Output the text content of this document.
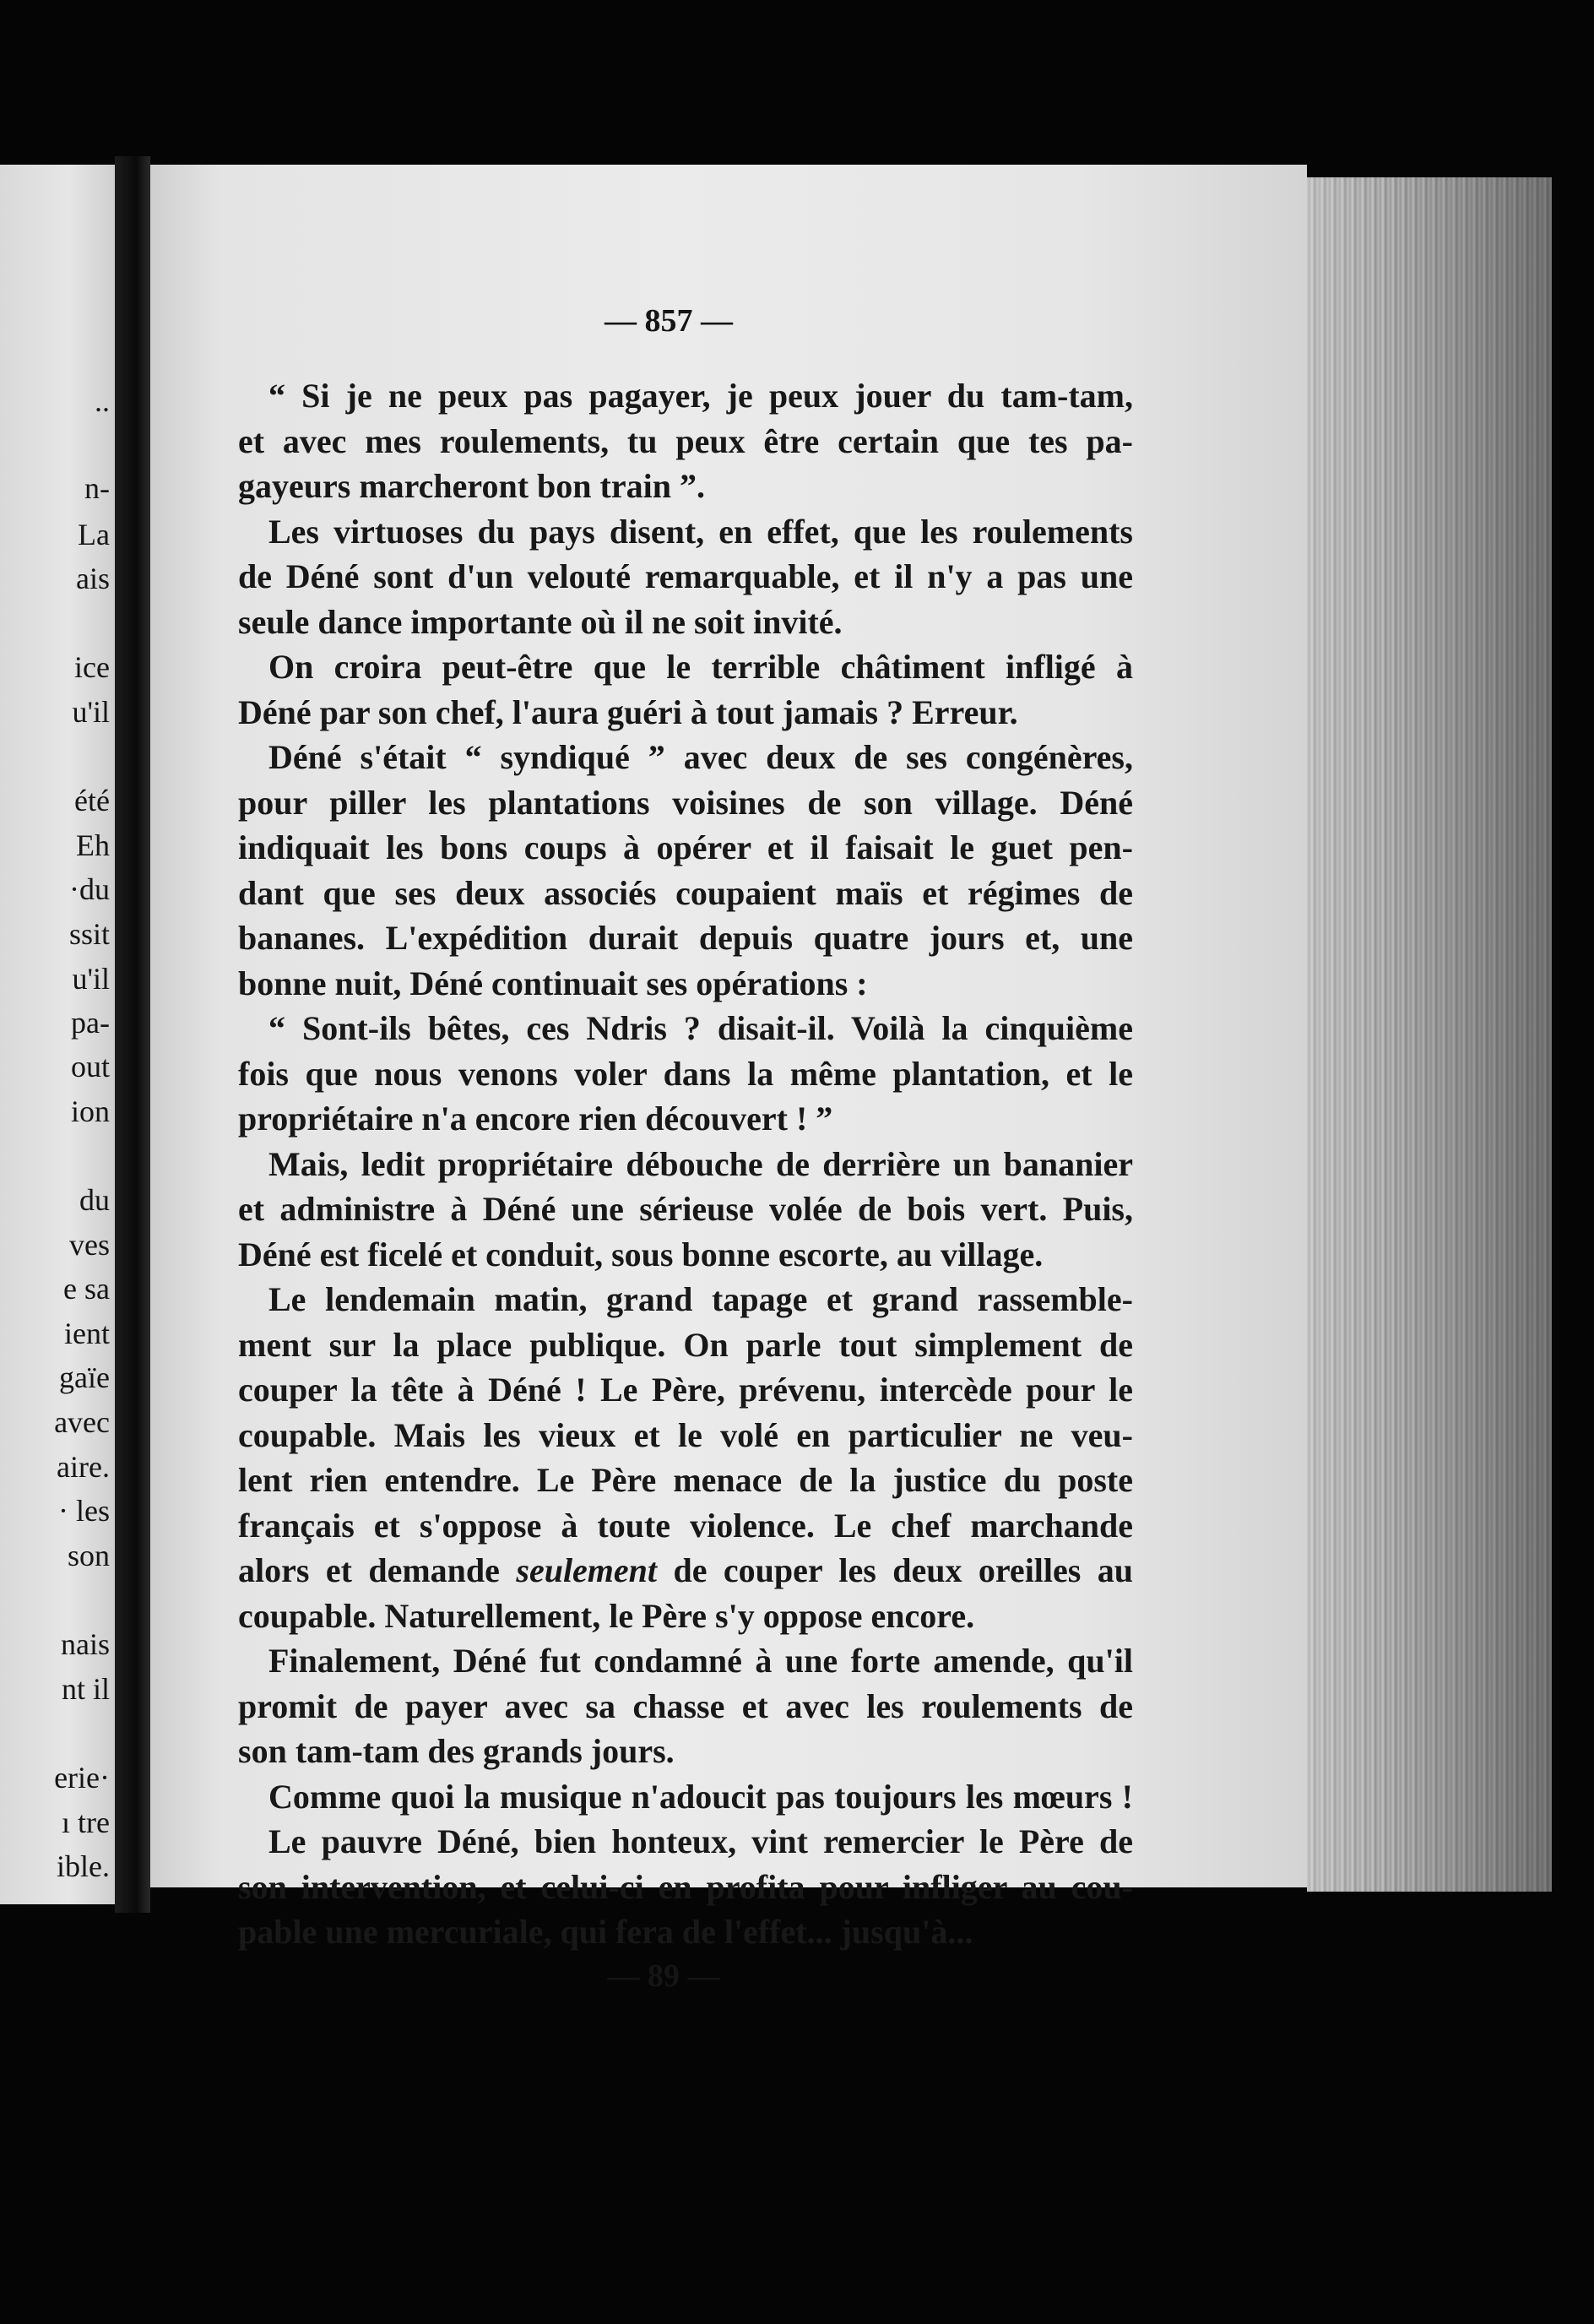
..
n-
La
ais
ice
u'il
été
Eh
·du
ssit
u'il
pa-
out
ion
du
ves
e sa
ient
gaïe
avec
aire.
· les
son
nais
nt il
erie·
ı tre
ible.
— 857 —
“ Si je ne peux pas pagayer, je peux jouer du tam-tam,
et avec mes roulements, tu peux être certain que tes pa-
gayeurs marcheront bon train ”.
Les virtuoses du pays disent, en effet, que les roulements
de Déné sont d'un velouté remarquable, et il n'y a pas une
seule dance importante où il ne soit invité.
On croira peut-être que le terrible châtiment infligé à
Déné par son chef, l'aura guéri à tout jamais ? Erreur.
Déné s'était “ syndiqué ” avec deux de ses congénères,
pour piller les plantations voisines de son village. Déné
indiquait les bons coups à opérer et il faisait le guet pen-
dant que ses deux associés coupaient maïs et régimes de
bananes. L'expédition durait depuis quatre jours et, une
bonne nuit, Déné continuait ses opérations :
“ Sont-ils bêtes, ces Ndris ? disait-il. Voilà la cinquième
fois que nous venons voler dans la même plantation, et le
propriétaire n'a encore rien découvert ! ”
Mais, ledit propriétaire débouche de derrière un bananier
et administre à Déné une sérieuse volée de bois vert. Puis,
Déné est ficelé et conduit, sous bonne escorte, au village.
Le lendemain matin, grand tapage et grand rassemble-
ment sur la place publique. On parle tout simplement de
couper la tête à Déné ! Le Père, prévenu, intercède pour le
coupable. Mais les vieux et le volé en particulier ne veu-
lent rien entendre. Le Père menace de la justice du poste
français et s'oppose à toute violence. Le chef marchande
alors et demande seulement de couper les deux oreilles au
coupable. Naturellement, le Père s'y oppose encore.
Finalement, Déné fut condamné à une forte amende, qu'il
promit de payer avec sa chasse et avec les roulements de
son tam-tam des grands jours.
Comme quoi la musique n'adoucit pas toujours les mœurs !
Le pauvre Déné, bien honteux, vint remercier le Père de
son intervention, et celui-ci en profita pour infliger au cou-
pable une mercuriale, qui fera de l'effet... jusqu'à...
— 89 —
